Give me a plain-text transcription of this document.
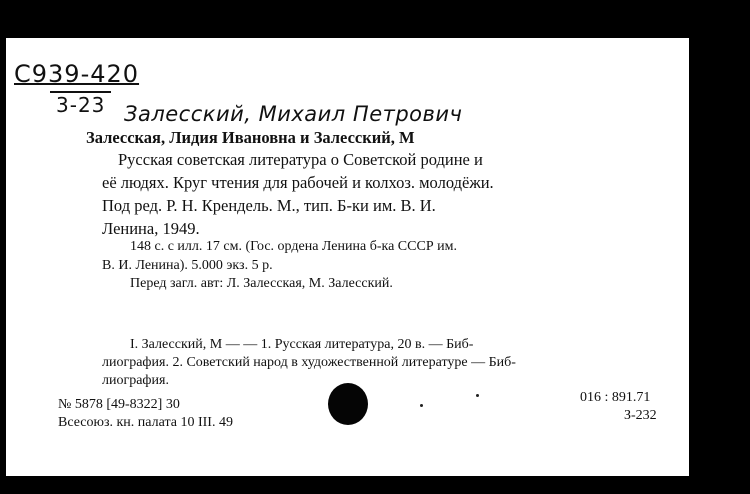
C939-420
3-23 Залесский, Михаил Петрович
Залесская, Лидия Ивановна и Залесский, М
Русская советская литература о Советской родине и
её людях. Круг чтения для рабочей и колхоз. молодёжи.
Под ред. Р. Н. Крендель. М., тип. Б-ки им. В. И.
Ленина, 1949.
148 с. с илл. 17 см. (Гос. ордена Ленина б-ка СССР им.
В. И. Ленина). 5.000 экз. 5 р.
Перед загл. авт: Л. Залесская, М. Залесский.
I. Залесский, М — — 1. Русская литература, 20 в. — Биб-
лиография. 2. Советский народ в художественной литературе — Биб-
лиография.
№ 5878 [49-8322] 30
Всесоюз. кн. палата 10 III. 49
016 : 891.71
З-232
